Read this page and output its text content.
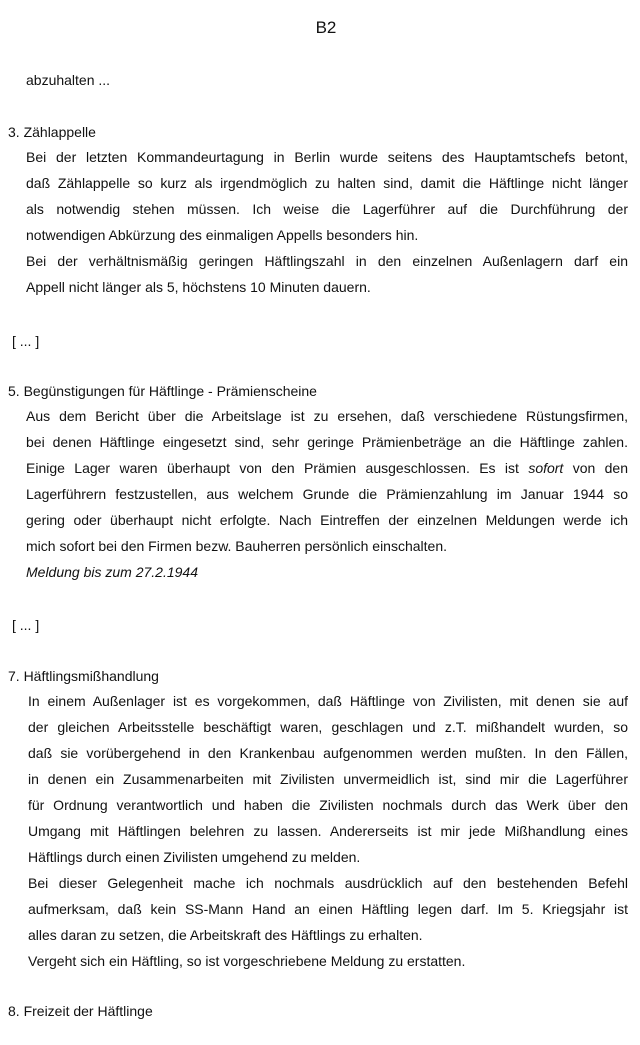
B2
abzuhalten ...
3. Zählappelle
Bei der letzten Kommandeurtagung in Berlin wurde seitens des Hauptamtschefs betont,
daß Zählappelle so kurz als irgendmöglich zu halten sind, damit die Häftlinge nicht länger
als notwendig stehen müssen. Ich weise die Lagerführer auf die Durchführung der
notwendigen Abkürzung des einmaligen Appells besonders hin.
Bei der verhältnismäßig geringen Häftlingszahl in den einzelnen Außenlagern darf ein
Appell nicht länger als 5, höchstens 10 Minuten dauern.
[ ... ]
5. Begünstigungen für Häftlinge - Prämienscheine
Aus dem Bericht über die Arbeitslage ist zu ersehen, daß verschiedene Rüstungsfirmen,
bei denen Häftlinge eingesetzt sind, sehr geringe Prämienbeträge an die Häftlinge zahlen.
Einige Lager waren überhaupt von den Prämien ausgeschlossen. Es ist sofort von den
Lagerführern festzustellen, aus welchem Grunde die Prämienzahlung im Januar 1944 so
gering oder überhaupt nicht erfolgte. Nach Eintreffen der einzelnen Meldungen werde ich
mich sofort bei den Firmen bezw. Bauherren persönlich einschalten.
Meldung bis zum 27.2.1944
[ ... ]
7. Häftlingsmißhandlung
In einem Außenlager ist es vorgekommen, daß Häftlinge von Zivilisten, mit denen sie auf
der gleichen Arbeitsstelle beschäftigt waren, geschlagen und z.T. mißhandelt wurden, so
daß sie vorübergehend in den Krankenbau aufgenommen werden mußten. In den Fällen,
in denen ein Zusammenarbeiten mit Zivilisten unvermeidlich ist, sind mir die Lagerführer
für Ordnung verantwortlich und haben die Zivilisten nochmals durch das Werk über den
Umgang mit Häftlingen belehren zu lassen. Andererseits ist mir jede Mißhandlung eines
Häftlings durch einen Zivilisten umgehend zu melden.
Bei dieser Gelegenheit mache ich nochmals ausdrücklich auf den bestehenden Befehl
aufmerksam, daß kein SS-Mann Hand an einen Häftling legen darf. Im 5. Kriegsjahr ist
alles daran zu setzen, die Arbeitskraft des Häftlings zu erhalten.
Vergeht sich ein Häftling, so ist vorgeschriebene Meldung zu erstatten.
8. Freizeit der Häftlinge
